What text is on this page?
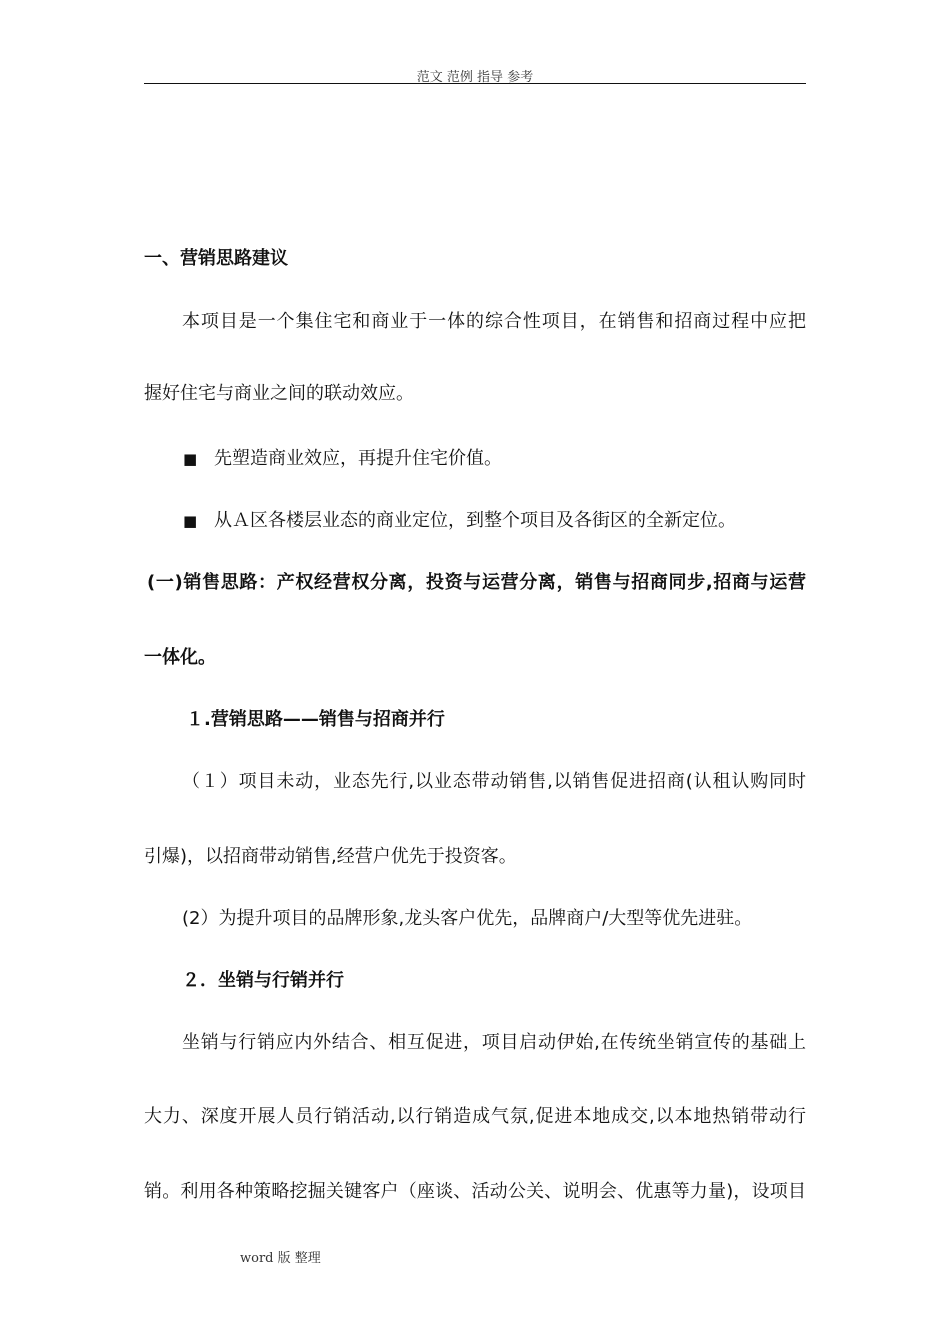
范文 范例 指导 参考
一、营销思路建议
本项目是一个集住宅和商业于一体的综合性项目，在销售和招商过程中应把
握好住宅与商业之间的联动效应。
■ 先塑造商业效应，再提升住宅价值。
■ 从Ａ区各楼层业态的商业定位，到整个项目及各街区的全新定位。
(一)销售思路：产权经营权分离，投资与运营分离，销售与招商同步,招商与运营
一体化。
１.营销思路——销售与招商并行
（１）项目未动，业态先行,以业态带动销售,以销售促进招商(认租认购同时
引爆)，以招商带动销售,经营户优先于投资客。
(2）为提升项目的品牌形象,龙头客户优先，品牌商户/大型等优先进驻。
２．坐销与行销并行
坐销与行销应内外结合、相互促进，项目启动伊始,在传统坐销宣传的基础上
大力、深度开展人员行销活动,以行销造成气氛,促进本地成交,以本地热销带动行
销。利用各种策略挖掘关键客户（座谈、活动公关、说明会、优惠等力量)，设项目
word 版 整理
